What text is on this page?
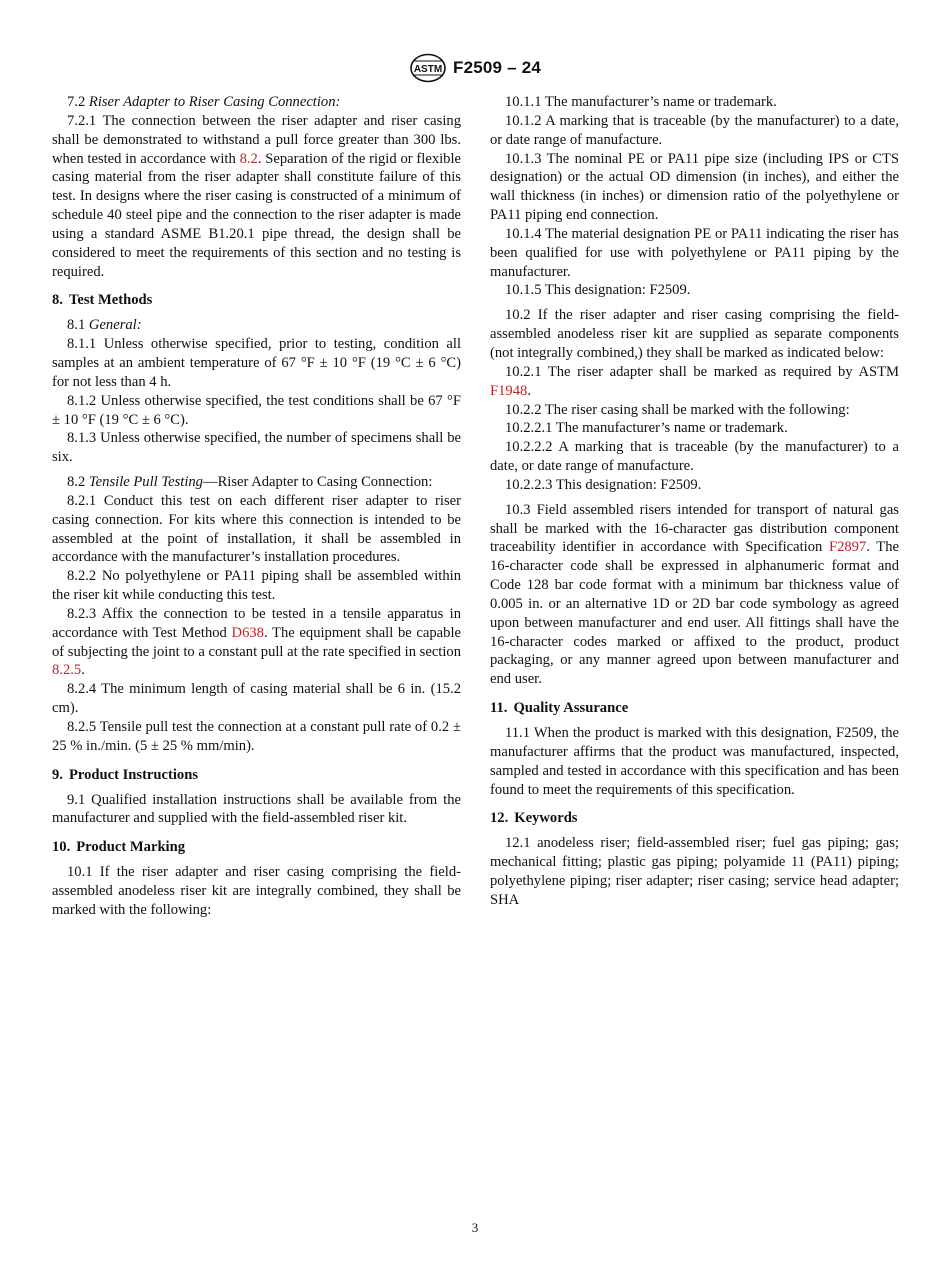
ASTM F2509 – 24

7.2 Riser Adapter to Riser Casing Connection:

7.2.1 The connection between the riser adapter and riser casing shall be demonstrated to withstand a pull force greater than 300 lbs. when tested in accordance with 8.2. Separation of the rigid or flexible casing material from the riser adapter shall constitute failure of this test. In designs where the riser casing is constructed of a minimum of schedule 40 steel pipe and the connection to the riser adapter is made using a standard ASME B1.20.1 pipe thread, the design shall be considered to meet the requirements of this section and no testing is required.

8. Test Methods

8.1 General:

8.1.1 Unless otherwise specified, prior to testing, condition all samples at an ambient temperature of 67 °F ± 10 °F (19 °C ± 6 °C) for not less than 4 h.

8.1.2 Unless otherwise specified, the test conditions shall be 67 °F ± 10 °F (19 °C ± 6 °C).

8.1.3 Unless otherwise specified, the number of specimens shall be six.

8.2 Tensile Pull Testing—Riser Adapter to Casing Connection:

8.2.1 Conduct this test on each different riser adapter to riser casing connection. For kits where this connection is intended to be assembled at the point of installation, it shall be assembled in accordance with the manufacturer’s installation procedures.

8.2.2 No polyethylene or PA11 piping shall be assembled within the riser kit while conducting this test.

8.2.3 Affix the connection to be tested in a tensile apparatus in accordance with Test Method D638. The equipment shall be capable of subjecting the joint to a constant pull at the rate specified in section 8.2.5.

8.2.4 The minimum length of casing material shall be 6 in. (15.2 cm).

8.2.5 Tensile pull test the connection at a constant pull rate of 0.2 ± 25 % in./min. (5 ± 25 % mm/min).

9. Product Instructions

9.1 Qualified installation instructions shall be available from the manufacturer and supplied with the field-assembled riser kit.

10. Product Marking

10.1 If the riser adapter and riser casing comprising the field-assembled anodeless riser kit are integrally combined, they shall be marked with the following:

10.1.1 The manufacturer’s name or trademark.

10.1.2 A marking that is traceable (by the manufacturer) to a date, or date range of manufacture.

10.1.3 The nominal PE or PA11 pipe size (including IPS or CTS designation) or the actual OD dimension (in inches), and either the wall thickness (in inches) or dimension ratio of the polyethylene or PA11 piping end connection.

10.1.4 The material designation PE or PA11 indicating the riser has been qualified for use with polyethylene or PA11 piping by the manufacturer.

10.1.5 This designation: F2509.

10.2 If the riser adapter and riser casing comprising the field-assembled anodeless riser kit are supplied as separate components (not integrally combined,) they shall be marked as indicated below:

10.2.1 The riser adapter shall be marked as required by ASTM F1948.

10.2.2 The riser casing shall be marked with the following:

10.2.2.1 The manufacturer’s name or trademark.

10.2.2.2 A marking that is traceable (by the manufacturer) to a date, or date range of manufacture.

10.2.2.3 This designation: F2509.

10.3 Field assembled risers intended for transport of natural gas shall be marked with the 16-character gas distribution component traceability identifier in accordance with Specification F2897. The 16-character code shall be expressed in alphanumeric format and Code 128 bar code format with a minimum bar thickness value of 0.005 in. or an alternative 1D or 2D bar code symbology as agreed upon between manufacturer and end user. All fittings shall have the 16-character codes marked or affixed to the product, product packaging, or any manner agreed upon between manufacturer and end user.

11. Quality Assurance

11.1 When the product is marked with this designation, F2509, the manufacturer affirms that the product was manufactured, inspected, sampled and tested in accordance with this specification and has been found to meet the requirements of this specification.

12. Keywords

12.1 anodeless riser; field-assembled riser; fuel gas piping; gas; mechanical fitting; plastic gas piping; polyamide 11 (PA11) piping; polyethylene piping; riser adapter; riser casing; service head adapter; SHA

3
